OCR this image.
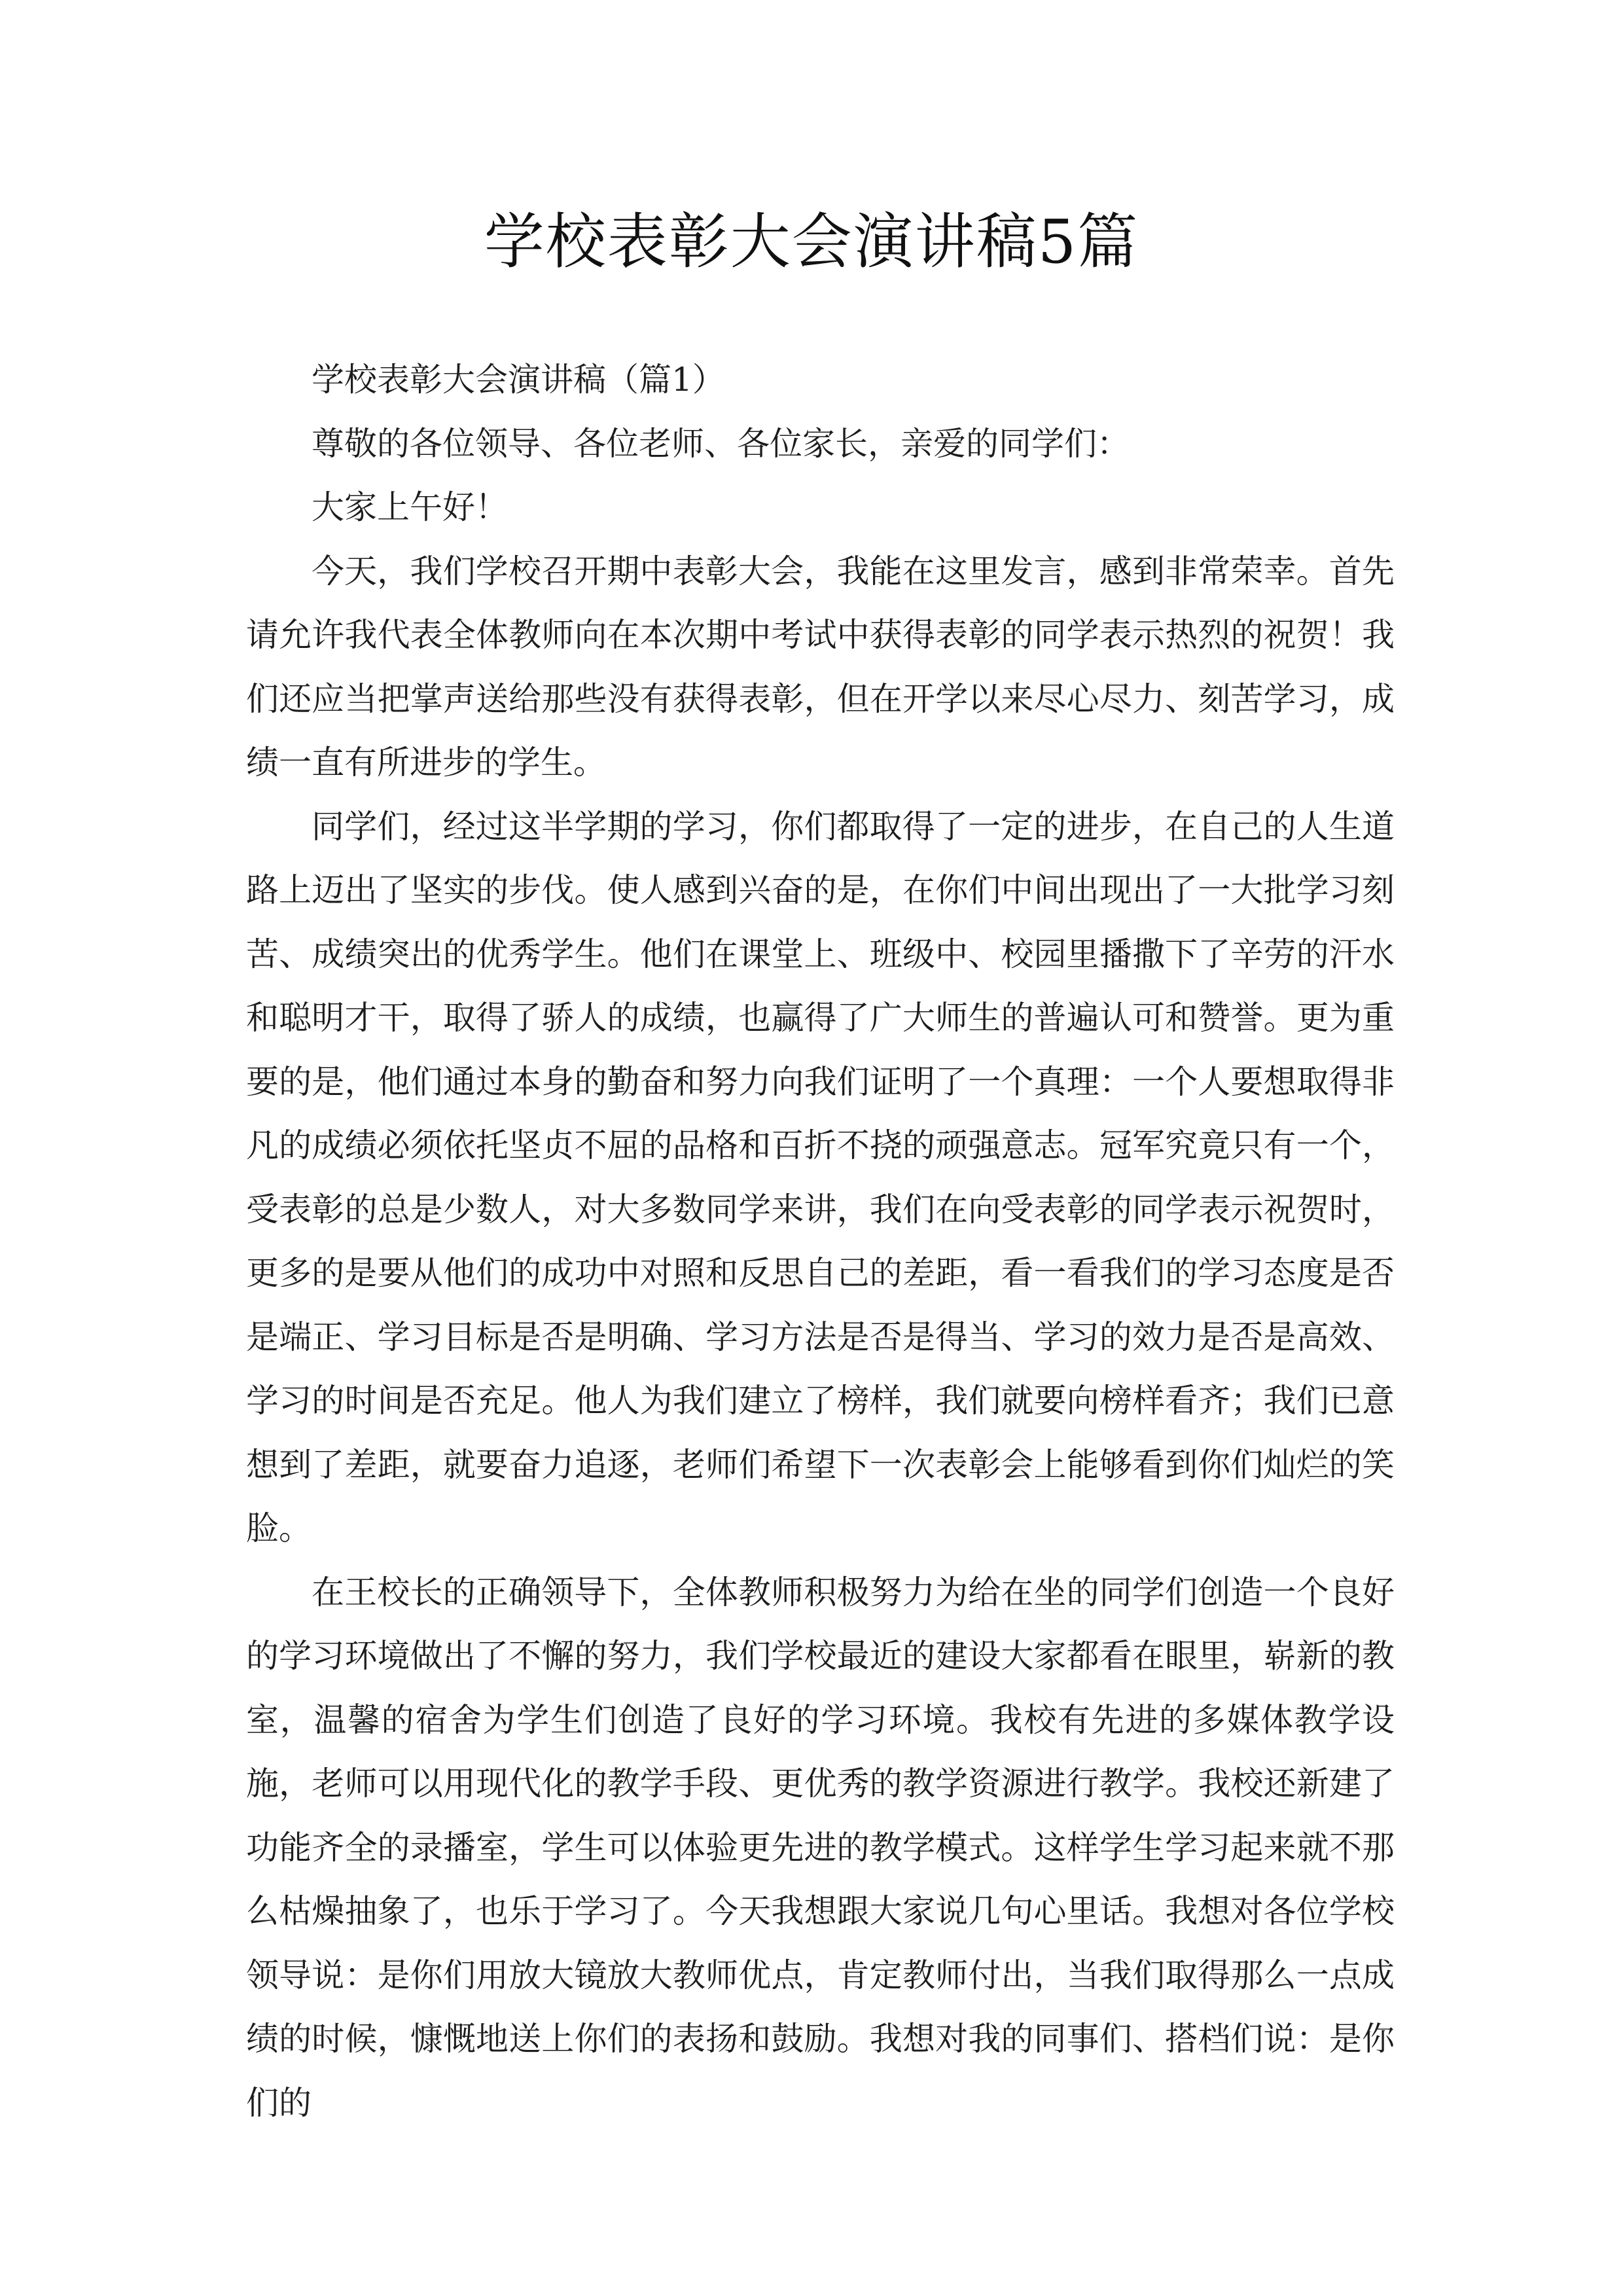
学校表彰大会演讲稿5篇

学校表彰大会演讲稿（篇1）

尊敬的各位领导、各位老师、各位家长，亲爱的同学们：

大家上午好！

今天，我们学校召开期中表彰大会，我能在这里发言，感到非常荣幸。首先请允许我代表全体教师向在本次期中考试中获得表彰的同学表示热烈的祝贺！我们还应当把掌声送给那些没有获得表彰，但在开学以来尽心尽力、刻苦学习，成绩一直有所进步的学生。

同学们，经过这半学期的学习，你们都取得了一定的进步，在自己的人生道路上迈出了坚实的步伐。使人感到兴奋的是，在你们中间出现出了一大批学习刻苦、成绩突出的优秀学生。他们在课堂上、班级中、校园里播撒下了辛劳的汗水和聪明才干，取得了骄人的成绩，也赢得了广大师生的普遍认可和赞誉。更为重要的是，他们通过本身的勤奋和努力向我们证明了一个真理：一个人要想取得非凡的成绩必须依托坚贞不屈的品格和百折不挠的顽强意志。冠军究竟只有一个，受表彰的总是少数人，对大多数同学来讲，我们在向受表彰的同学表示祝贺时，更多的是要从他们的成功中对照和反思自己的差距，看一看我们的学习态度是否是端正、学习目标是否是明确、学习方法是否是得当、学习的效力是否是高效、学习的时间是否充足。他人为我们建立了榜样，我们就要向榜样看齐；我们已意想到了差距，就要奋力追逐，老师们希望下一次表彰会上能够看到你们灿烂的笑脸。

在王校长的正确领导下，全体教师积极努力为给在坐的同学们创造一个良好的学习环境做出了不懈的努力，我们学校最近的建设大家都看在眼里，崭新的教室，温馨的宿舍为学生们创造了良好的学习环境。我校有先进的多媒体教学设施，老师可以用现代化的教学手段、更优秀的教学资源进行教学。我校还新建了功能齐全的录播室，学生可以体验更先进的教学模式。这样学生学习起来就不那么枯燥抽象了，也乐于学习了。今天我想跟大家说几句心里话。我想对各位学校领导说：是你们用放大镜放大教师优点，肯定教师付出，当我们取得那么一点成绩的时候，慷慨地送上你们的表扬和鼓励。我想对我的同事们、搭档们说：是你们的
